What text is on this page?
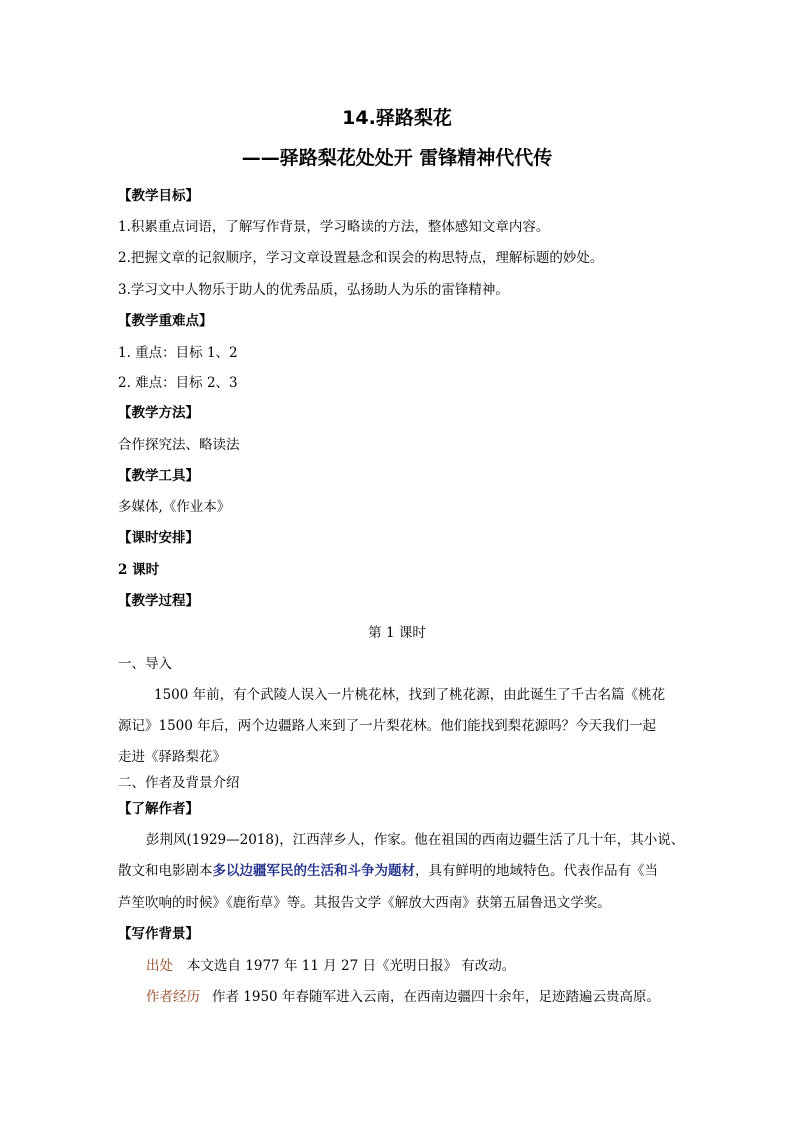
14.驿路梨花
——驿路梨花处处开 雷锋精神代代传
【教学目标】
1.积累重点词语，了解写作背景，学习略读的方法，整体感知文章内容。
2.把握文章的记叙顺序，学习文章设置悬念和误会的构思特点，理解标题的妙处。
3.学习文中人物乐于助人的优秀品质，弘扬助人为乐的雷锋精神。
【教学重难点】
1. 重点：目标 1、2
2. 难点：目标 2、3
【教学方法】
合作探究法、略读法
【教学工具】
多媒体,《作业本》
【课时安排】
2 课时
【教学过程】
第 1 课时
一、导入
1500 年前，有个武陵人误入一片桃花林，找到了桃花源，由此诞生了千古名篇《桃花
源记》1500 年后，两个边疆路人来到了一片梨花林。他们能找到梨花源吗？今天我们一起
走进《驿路梨花》
二、作者及背景介绍
【了解作者】
彭荆风(1929—2018)，江西萍乡人，作家。他在祖国的西南边疆生活了几十年，其小说、
散文和电影剧本多以边疆军民的生活和斗争为题材，具有鲜明的地域特色。代表作品有《当
芦笙吹响的时候》《鹿衔草》等。其报告文学《解放大西南》获第五届鲁迅文学奖。
【写作背景】
出处 本文选自 1977 年 11 月 27 日《光明日报》 有改动。
作者经历 作者 1950 年春随军进入云南，在西南边疆四十余年，足迹踏遍云贵高原。
